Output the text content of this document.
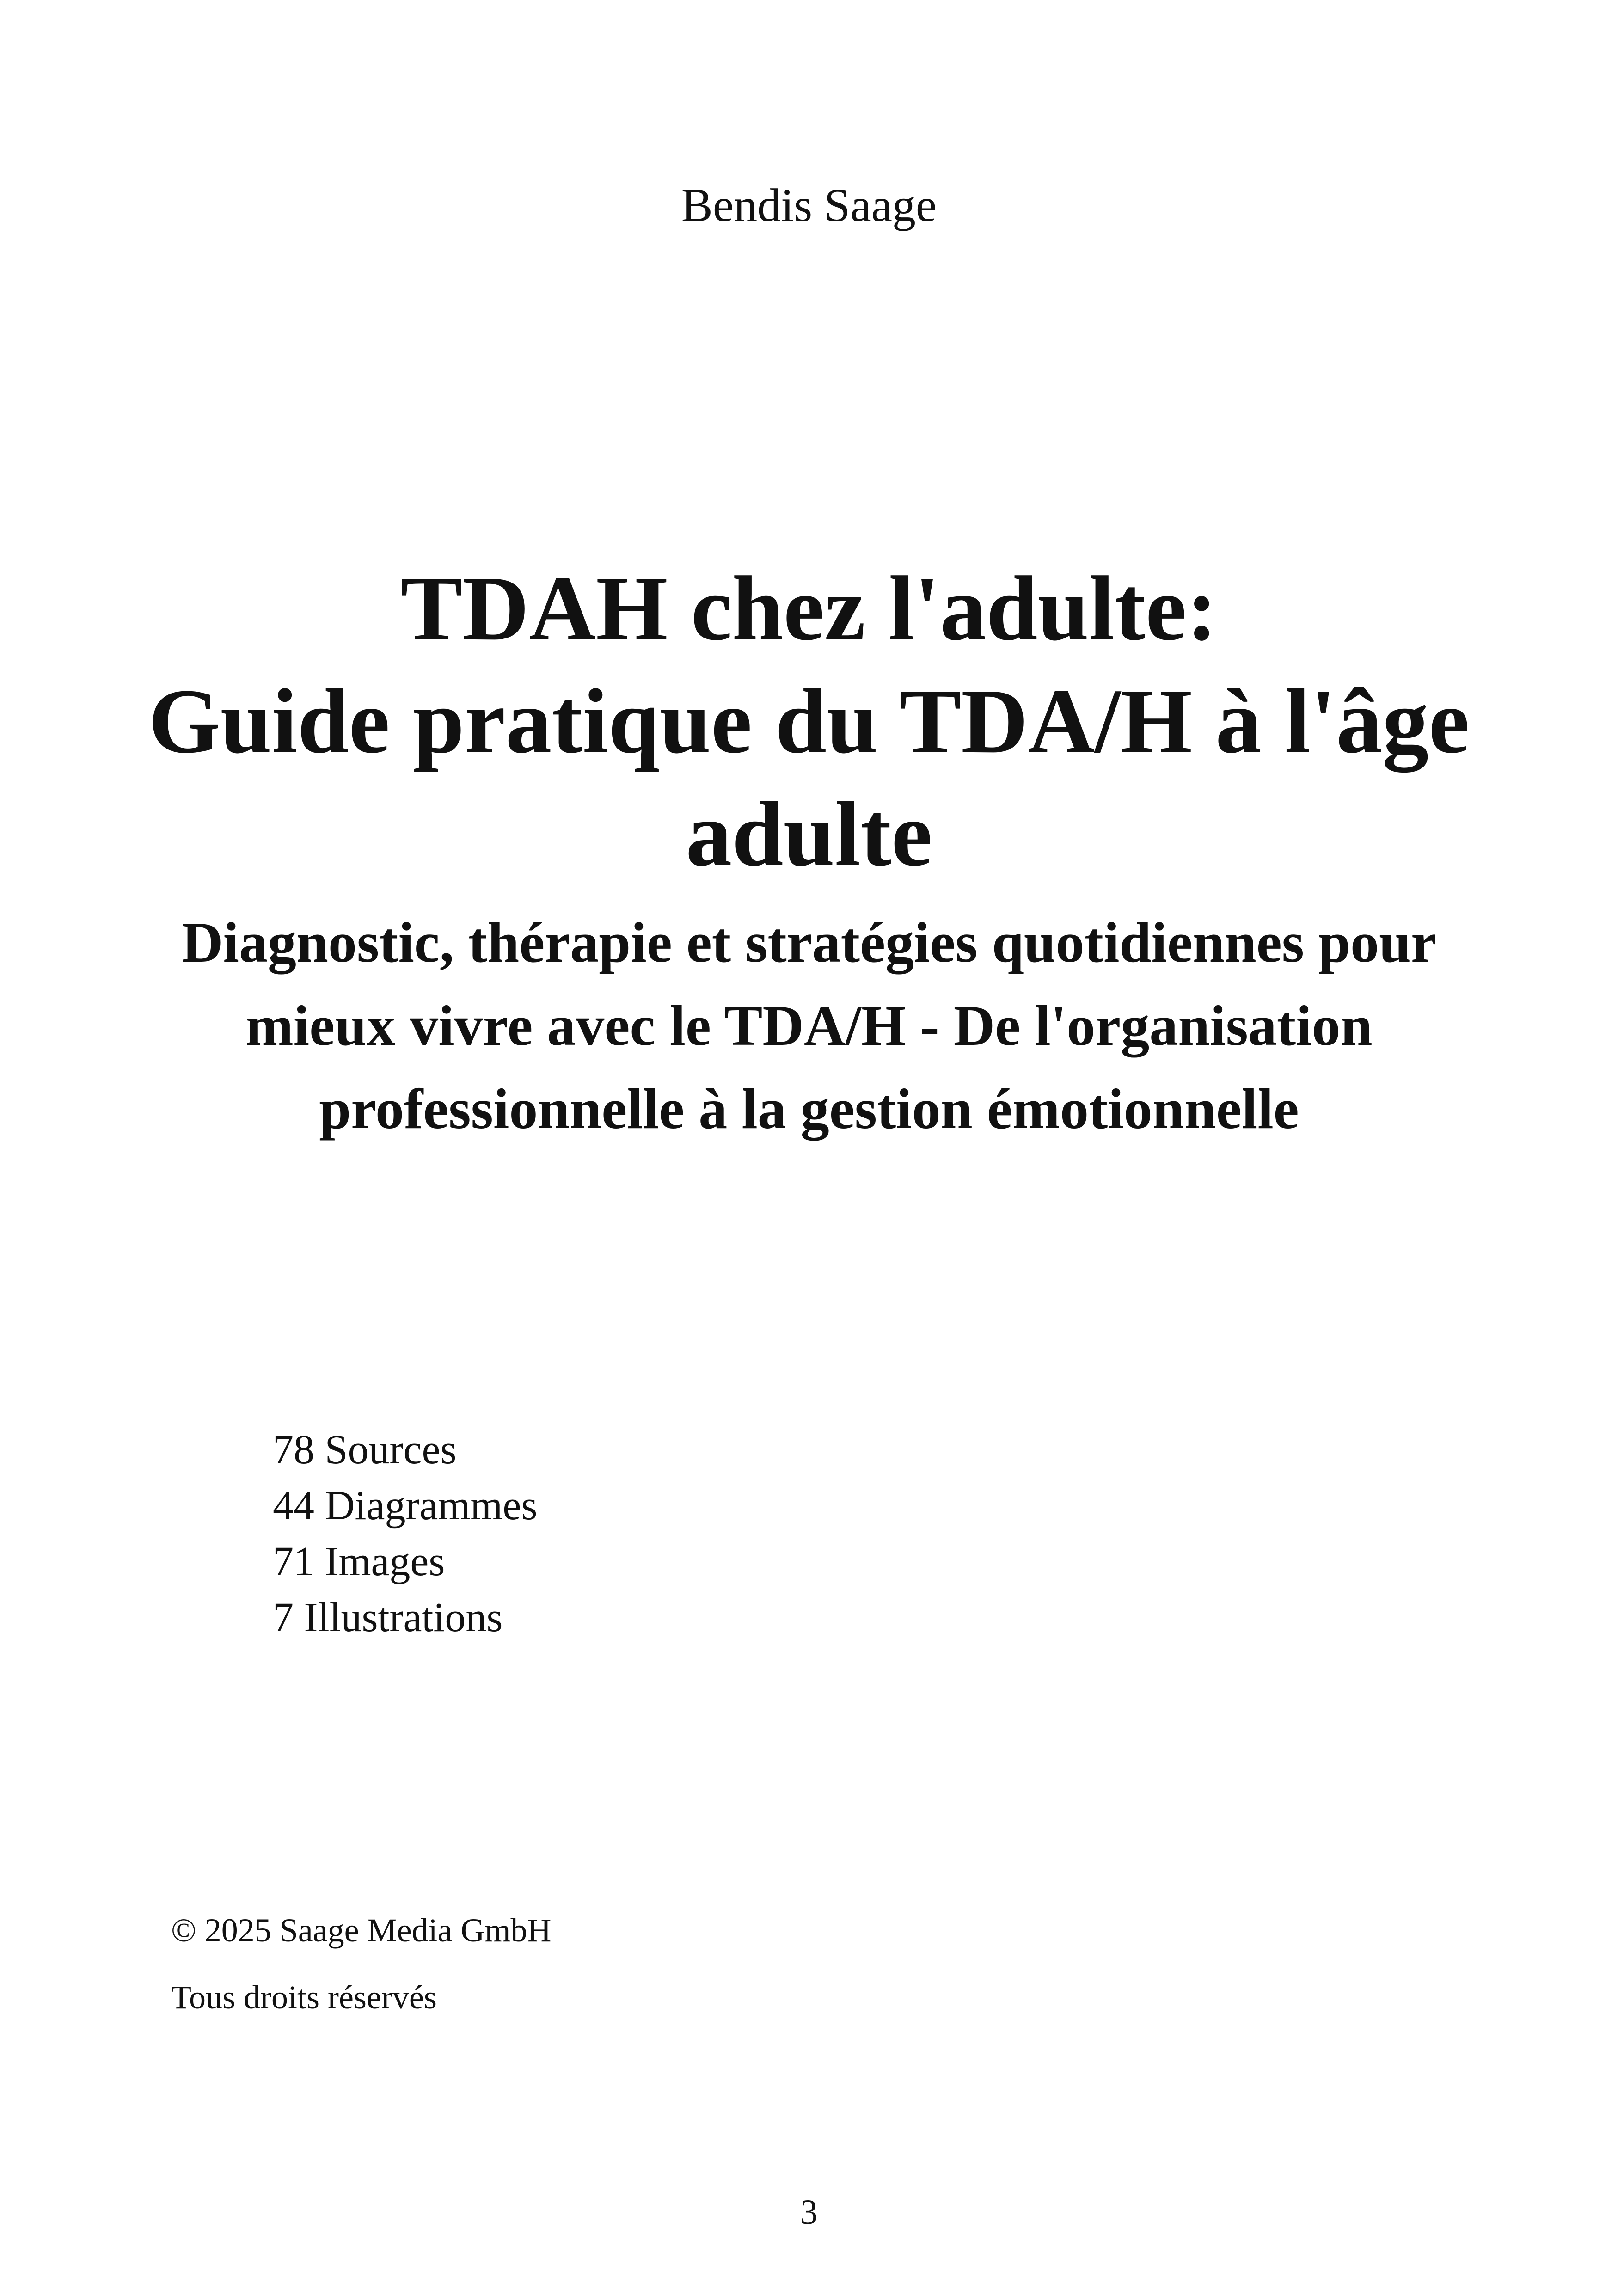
Bendis Saage
TDAH chez l'adulte:
Guide pratique du TDA/H à l'âge
adulte
Diagnostic, thérapie et stratégies quotidiennes pour mieux vivre avec le TDA/H - De l'organisation professionnelle à la gestion émotionnelle
78 Sources
44 Diagrammes
71 Images
7 Illustrations
© 2025 Saage Media GmbH
Tous droits réservés
3
